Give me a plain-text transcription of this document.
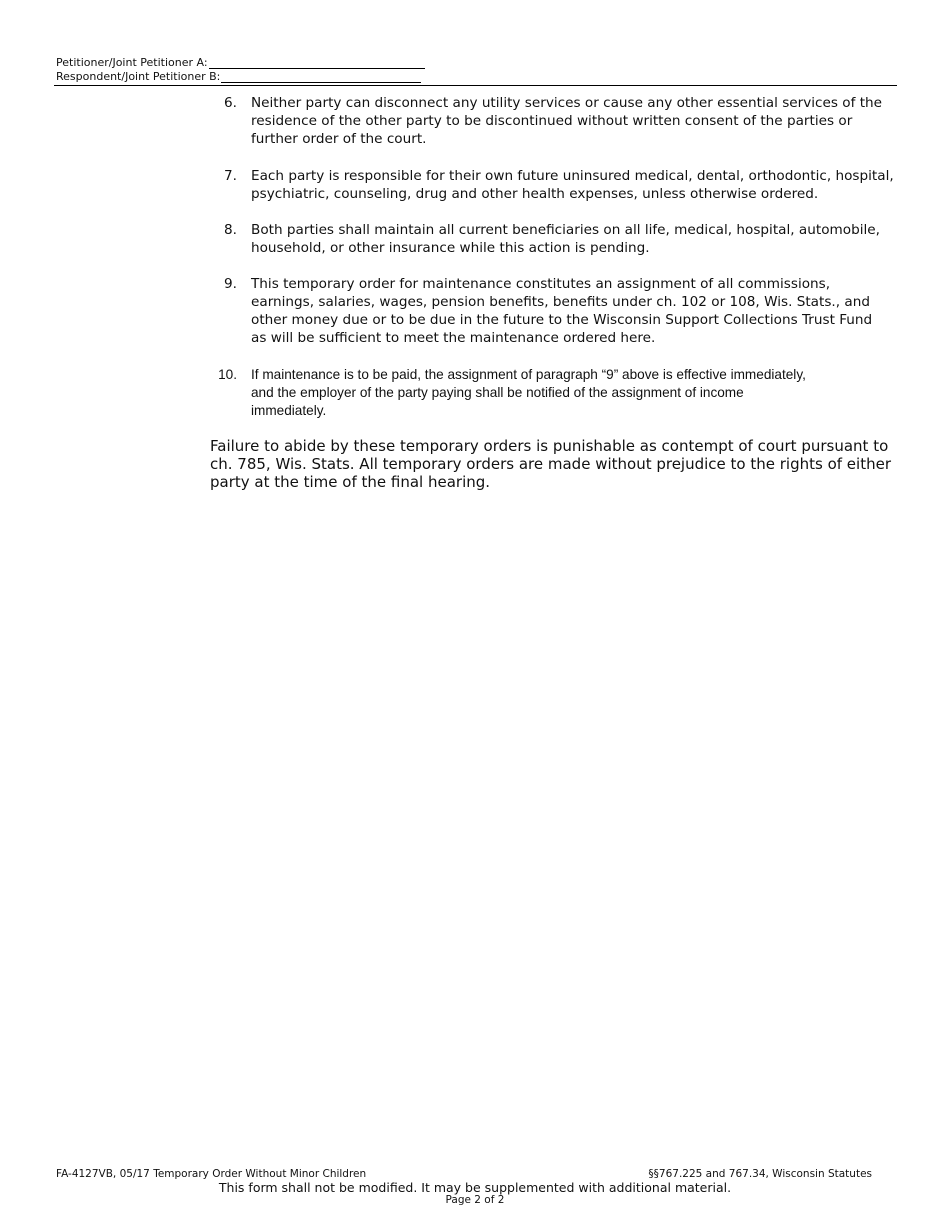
Petitioner/Joint Petitioner A:
Respondent/Joint Petitioner B:
6. Neither party can disconnect any utility services or cause any other essential services of the
residence of the other party to be discontinued without written consent of the parties or
further order of the court.
7. Each party is responsible for their own future uninsured medical, dental, orthodontic, hospital,
psychiatric, counseling, drug and other health expenses, unless otherwise ordered.
8. Both parties shall maintain all current beneficiaries on all life, medical, hospital, automobile,
household, or other insurance while this action is pending.
9. This temporary order for maintenance constitutes an assignment of all commissions,
earnings, salaries, wages, pension benefits, benefits under ch. 102 or 108, Wis. Stats., and
other money due or to be due in the future to the Wisconsin Support Collections Trust Fund
as will be sufficient to meet the maintenance ordered here.
10. If maintenance is to be paid, the assignment of paragraph “9” above is effective immediately,
and the employer of the party paying shall be notified of the assignment of income
immediately.
Failure to abide by these temporary orders is punishable as contempt of court pursuant to
ch. 785, Wis. Stats. All temporary orders are made without prejudice to the rights of either
party at the time of the final hearing.
FA-4127VB, 05/17 Temporary Order Without Minor Children	§§767.225 and 767.34, Wisconsin Statutes
This form shall not be modified. It may be supplemented with additional material.
Page 2 of 2
